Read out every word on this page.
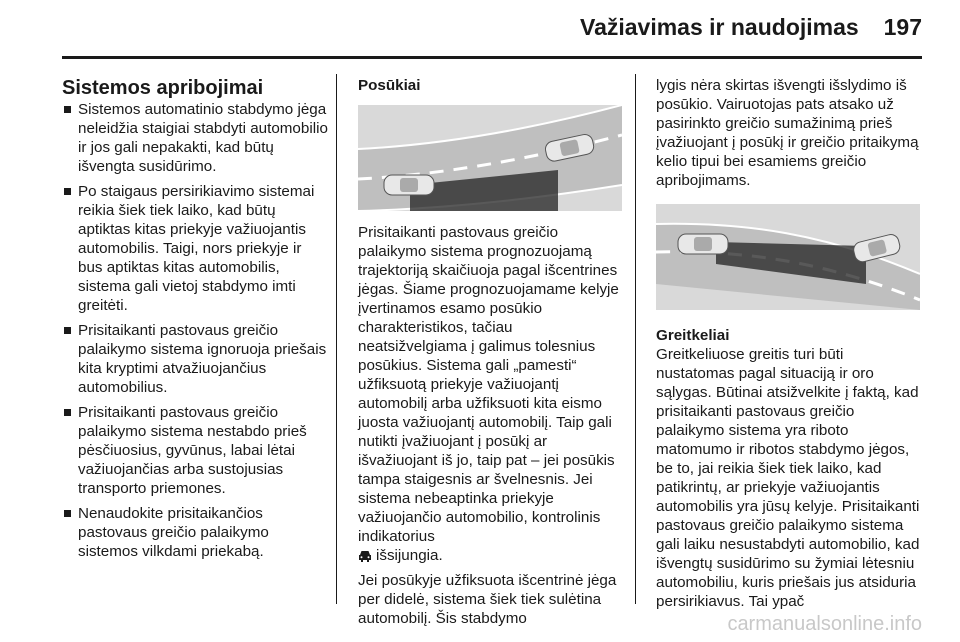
Važiavimas ir naudojimas 197
Sistemos apribojimai
Sistemos automatinio stabdymo jėga neleidžia staigiai stabdyti automobilio ir jos gali nepakakti, kad būtų išvengta susidūrimo.
Po staigaus persirikiavimo sistemai reikia šiek tiek laiko, kad būtų aptiktas kitas priekyje važiuojantis automobilis. Taigi, nors priekyje ir bus aptiktas kitas automobilis, sistema gali vietoj stabdymo imti greitėti.
Prisitaikanti pastovaus greičio palaikymo sistema ignoruoja priešais kita kryptimi atvažiuojančius automobilius.
Prisitaikanti pastovaus greičio palaikymo sistema nestabdo prieš pėsčiuosius, gyvūnus, labai lėtai važiuojančias arba sustojusias transporto priemones.
Nenaudokite prisitaikančios pastovaus greičio palaikymo sistemos vilkdami priekabą.
Posūkiai

Prisitaikanti pastovaus greičio palaikymo sistema prognozuojamą trajektoriją skaičiuoja pagal išcentrines jėgas. Šiame prognozuojamame kelyje įvertinamos esamo posūkio charakteristikos, tačiau neatsižvelgiama į galimus tolesnius posūkius. Sistema gali „pamesti“ užfiksuotą priekyje važiuojantį automobilį arba užfiksuoti kita eismo juosta važiuojantį automobilį. Taip gali nutikti įvažiuojant į posūkį ar išvažiuojant iš jo, taip pat – jei posūkis tampa staigesnis ar švelnesnis. Jei sistema nebeaptinka priekyje važiuojančio automobilio, kontrolinis indikatorius
išsijungia.

Jei posūkyje užfiksuota išcentrinė jėga per didelė, sistema šiek tiek sulėtina automobilį. Šis stabdymo

lygis nėra skirtas išvengti išslydimo iš posūkio. Vairuotojas pats atsako už pasirinkto greičio sumažinimą prieš įvažiuojant į posūkį ir greičio pritaikymą kelio tipui bei esamiems greičio apribojimams.

Greitkeliai

Greitkeliuose greitis turi būti nustatomas pagal situaciją ir oro sąlygas. Būtinai atsižvelkite į faktą, kad prisitaikanti pastovaus greičio palaikymo sistema yra riboto matomumo ir ribotos stabdymo jėgos, be to, jai reikia šiek tiek laiko, kad patikrintų, ar priekyje važiuojantis automobilis yra jūsų kelyje. Prisitaikanti pastovaus greičio palaikymo sistema gali laiku nesustabdyti automobilio, kad išvengtų susidūrimo su žymiai lėtesniu automobiliu, kuris priešais jus atsiduria persirikiavus. Tai ypač

carmanualsonline.info
